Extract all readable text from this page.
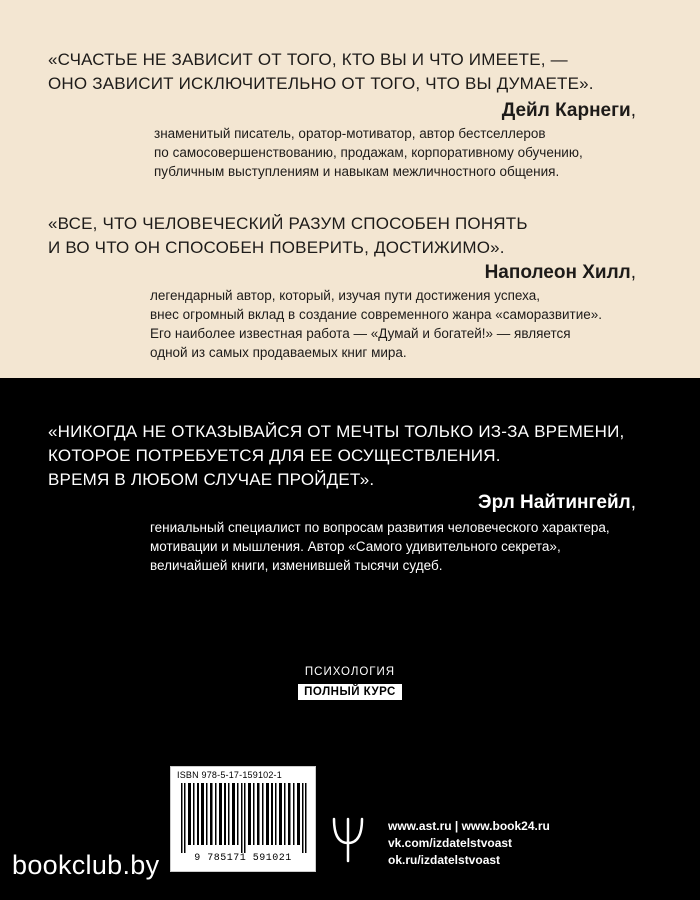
«СЧАСТЬЕ НЕ ЗАВИСИТ ОТ ТОГО, КТО ВЫ И ЧТО ИМЕЕТЕ, —
ОНО ЗАВИСИТ ИСКЛЮЧИТЕЛЬНО ОТ ТОГО, ЧТО ВЫ ДУМАЕТЕ».

Дейл Карнеги,

знаменитый писатель, оратор-мотиватор, автор бестселлеров
по самосовершенствованию, продажам, корпоративному обучению,
публичным выступлениям и навыкам межличностного общения.

«ВСЕ, ЧТО ЧЕЛОВЕЧЕСКИЙ РАЗУМ СПОСОБЕН ПОНЯТЬ
И ВО ЧТО ОН СПОСОБЕН ПОВЕРИТЬ, ДОСТИЖИМО».

Наполеон Хилл,

легендарный автор, который, изучая пути достижения успеха,
внес огромный вклад в создание современного жанра «саморазвитие».
Его наиболее известная работа — «Думай и богатей!» — является
одной из самых продаваемых книг мира.

«НИКОГДА НЕ ОТКАЗЫВАЙСЯ ОТ МЕЧТЫ ТОЛЬКО ИЗ-ЗА ВРЕМЕНИ,
КОТОРОЕ ПОТРЕБУЕТСЯ ДЛЯ ЕЕ ОСУЩЕСТВЛЕНИЯ.
ВРЕМЯ В ЛЮБОМ СЛУЧАЕ ПРОЙДЕТ».

Эрл Найтингейл,

гениальный специалист по вопросам развития человеческого характера,
мотивации и мышления. Автор «Самого удивительного секрета»,
величайшей книги, изменившей тысячи судеб.

ПСИХОЛОГИЯ
ПОЛНЫЙ КУРС
ISBN 978-5-17-159102-1
9 785171 591021
www.ast.ru | www.book24.ru
vk.com/izdatelstvoast
ok.ru/izdatelstvoast
bookclub.by
